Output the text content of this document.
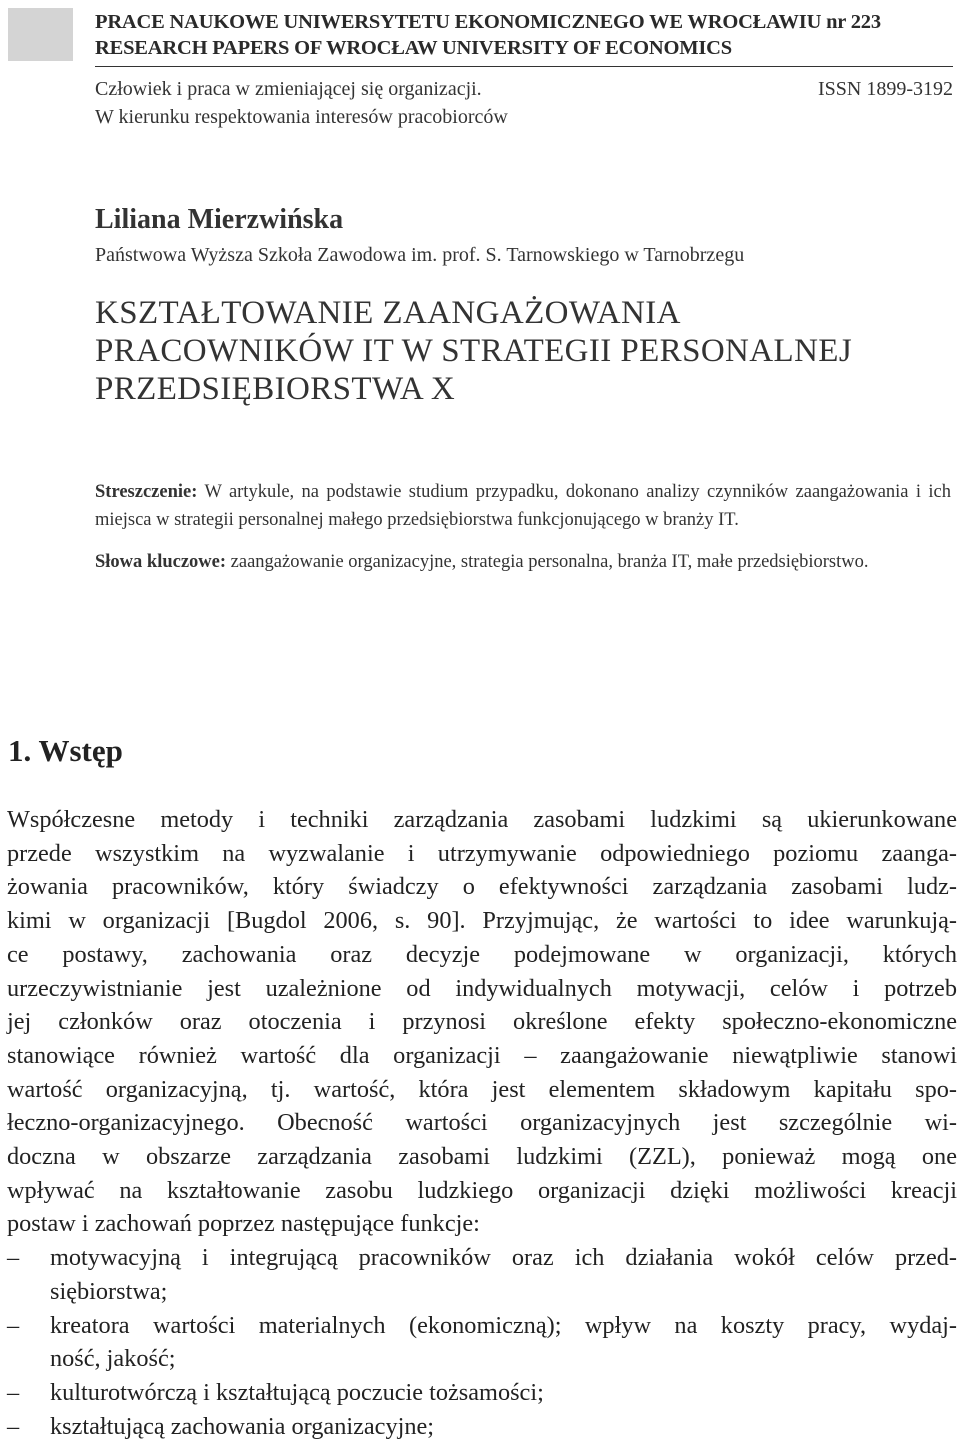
PRACE NAUKOWE UNIWERSYTETU EKONOMICZNEGO WE WROCŁAWIU nr 223
RESEARCH PAPERS OF WROCŁAW UNIVERSITY OF ECONOMICS
Człowiek i praca w zmieniającej się organizacji.
W kierunku respektowania interesów pracobiorców
ISSN 1899-3192
Liliana Mierzwińska
Państwowa Wyższa Szkoła Zawodowa im. prof. S. Tarnowskiego w Tarnobrzegu
KSZTAŁTOWANIE ZAANGAŻOWANIA
PRACOWNIKÓW IT W STRATEGII PERSONALNEJ
PRZEDSIĘBIORSTWA X

Streszczenie: W artykule, na podstawie studium przypadku, dokonano analizy czynników zaangażowania i ich miejsca w strategii personalnej małego przedsiębiorstwa funkcjonującego w branży IT.

Słowa kluczowe: zaangażowanie organizacyjne, strategia personalna, branża IT, małe przedsiębiorstwo.

1. Wstęp
Współczesne metody i techniki zarządzania zasobami ludzkimi są ukierunkowane
przede wszystkim na wyzwalanie i utrzymywanie odpowiedniego poziomu zaanga-
żowania pracowników, który świadczy o efektywności zarządzania zasobami ludz-
kimi w organizacji [Bugdol 2006, s. 90]. Przyjmując, że wartości to idee warunkują-
ce postawy, zachowania oraz decyzje podejmowane w organizacji, których
urzeczywistnianie jest uzależnione od indywidualnych motywacji, celów i potrzeb
jej członków oraz otoczenia i przynosi określone efekty społeczno-ekonomiczne
stanowiące również wartość dla organizacji – zaangażowanie niewątpliwie stanowi
wartość organizacyjną, tj. wartość, która jest elementem składowym kapitału spo-
łeczno-organizacyjnego. Obecność wartości organizacyjnych jest szczególnie wi-
doczna w obszarze zarządzania zasobami ludzkimi (ZZL), ponieważ mogą one
wpływać na kształtowanie zasobu ludzkiego organizacji dzięki możliwości kreacji
postaw i zachowań poprzez następujące funkcje:
– motywacyjną i integrującą pracowników oraz ich działania wokół celów przed-
siębiorstwa;
– kreatora wartości materialnych (ekonomiczną); wpływ na koszty pracy, wydaj-
ność, jakość;
– kulturotwórczą i kształtującą poczucie tożsamości;
– kształtującą zachowania organizacyjne;
